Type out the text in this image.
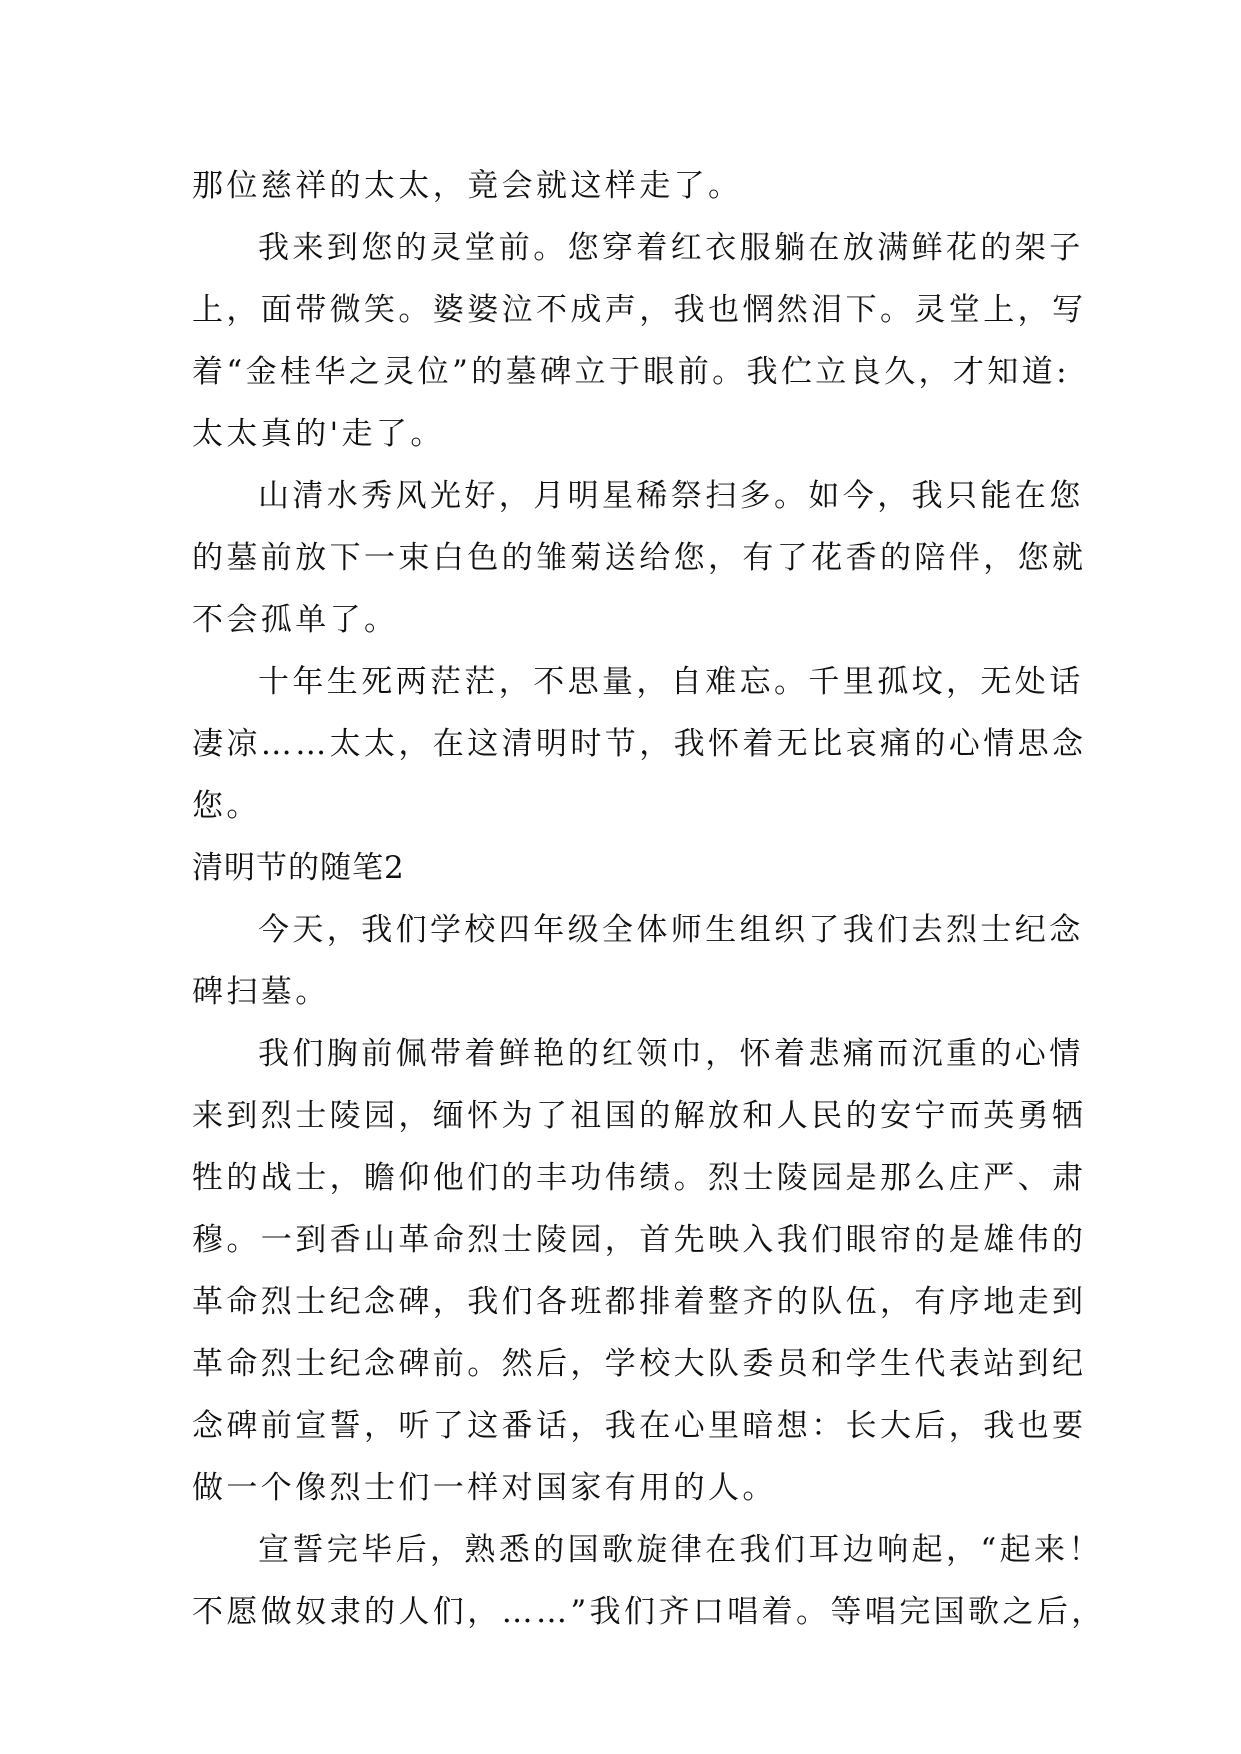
那位慈祥的太太，竟会就这样走了。
我来到您的灵堂前。您穿着红衣服躺在放满鲜花的架子
上，面带微笑。婆婆泣不成声，我也惘然泪下。灵堂上，写
着“金桂华之灵位”的墓碑立于眼前。我伫立良久，才知道:
太太真的'走了。
山清水秀风光好，月明星稀祭扫多。如今，我只能在您
的墓前放下一束白色的雏菊送给您，有了花香的陪伴，您就
不会孤单了。
十年生死两茫茫，不思量，自难忘。千里孤坟，无处话
凄凉……太太，在这清明时节，我怀着无比哀痛的心情思念
您。
清明节的随笔2
今天，我们学校四年级全体师生组织了我们去烈士纪念
碑扫墓。
我们胸前佩带着鲜艳的红领巾，怀着悲痛而沉重的心情
来到烈士陵园，缅怀为了祖国的解放和人民的安宁而英勇牺
牲的战士，瞻仰他们的丰功伟绩。烈士陵园是那么庄严、肃
穆。一到香山革命烈士陵园，首先映入我们眼帘的是雄伟的
革命烈士纪念碑，我们各班都排着整齐的队伍，有序地走到
革命烈士纪念碑前。然后，学校大队委员和学生代表站到纪
念碑前宣誓，听了这番话，我在心里暗想：长大后，我也要
做一个像烈士们一样对国家有用的人。
宣誓完毕后，熟悉的国歌旋律在我们耳边响起，“起来！
不愿做奴隶的人们，……”我们齐口唱着。等唱完国歌之后，
